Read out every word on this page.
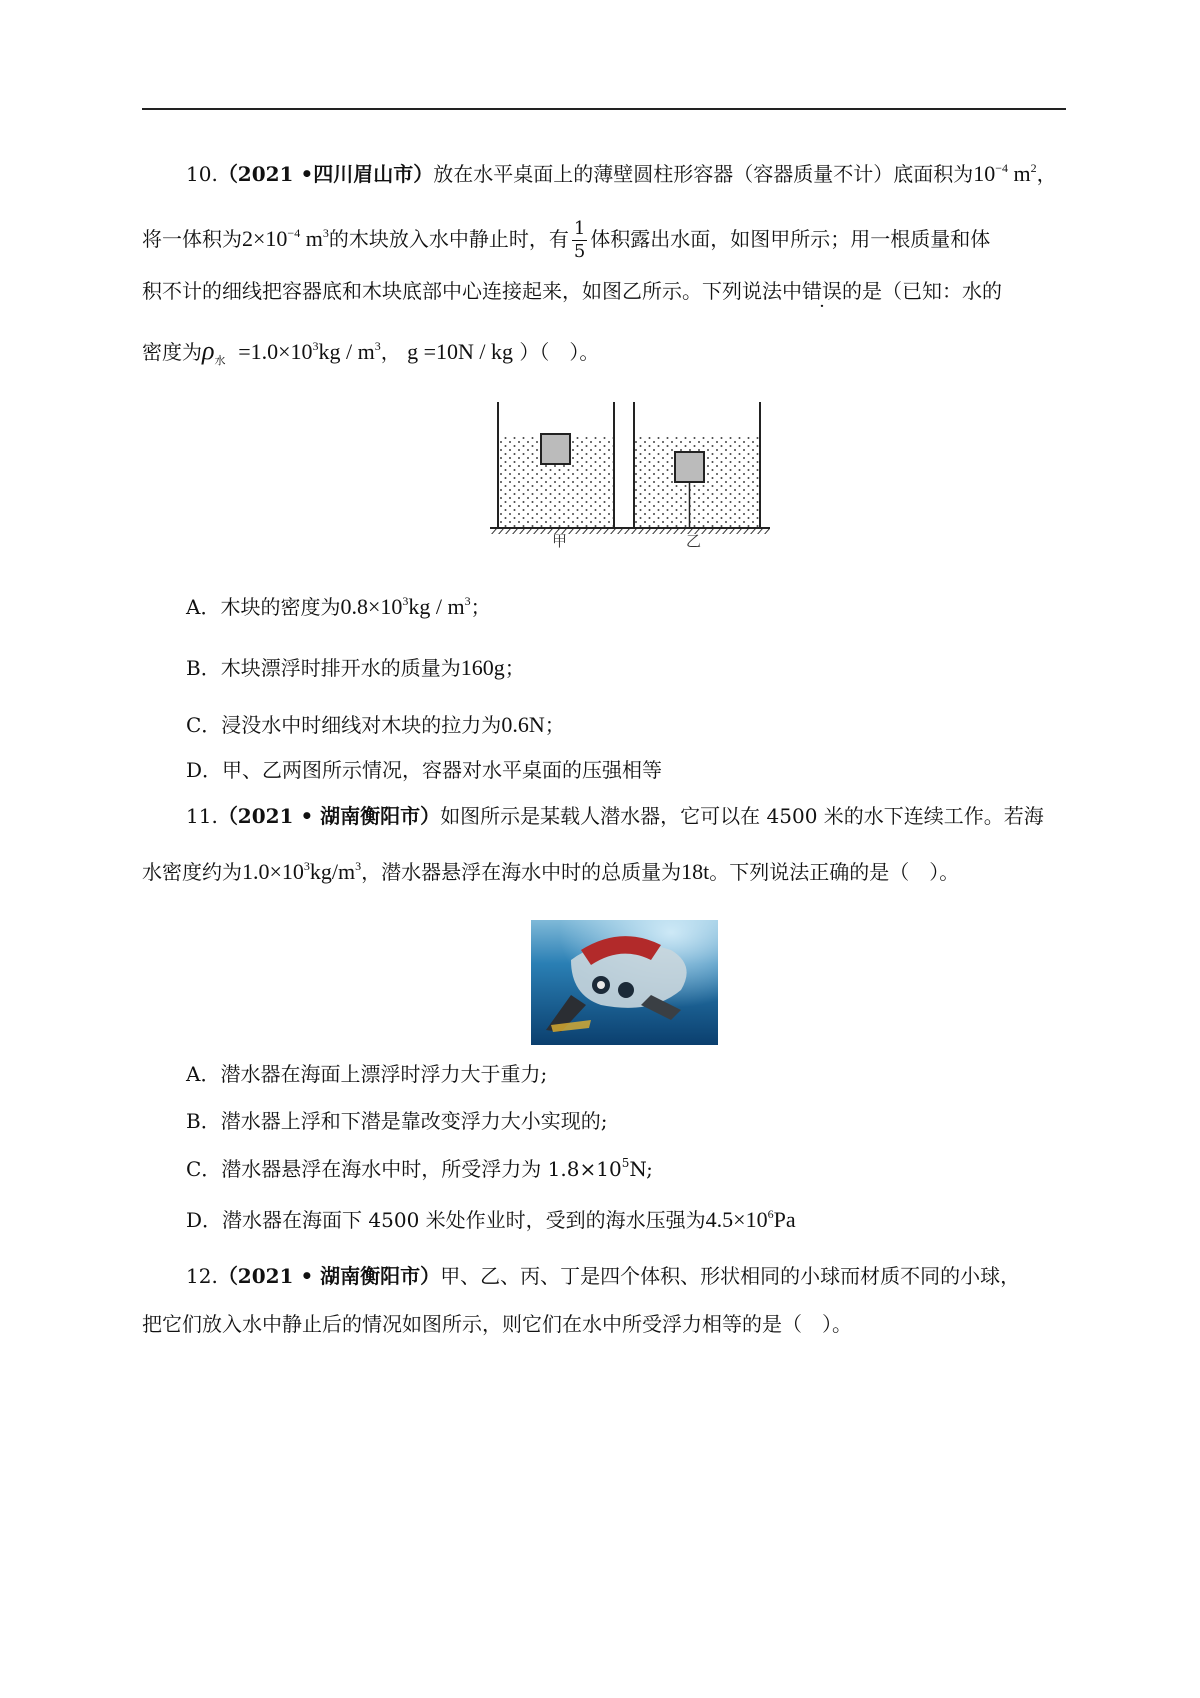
10.（2021 •四川眉山市）放在水平桌面上的薄壁圆柱形容器（容器质量不计）底面积为$10^{-4}$ $m^2$，
将一体积为$2\times 10^{-4}$ $m^3$的木块放入水中静止时，有 $\frac{1}{5}$ 体积露出水面，如图甲所示；用一根质量和体
积不计的细线把容器底和木块底部中心连接起来，如图乙所示。下列说法中错误的是（已知：水的
密度为$\rho_水 =1.0\times 10^3kg / m^3$， g =10N / kg ）（　）。
甲	乙
A．木块的密度为$0.8\times 10^3kg / m^3$；
B．木块漂浮时排开水的质量为160g；
C．浸没水中时细线对木块的拉力为0.6N；
D．甲、乙两图所示情况，容器对水平桌面的压强相等
11.（2021 • 湖南衡阳市）如图所示是某载人潜水器，它可以在 4500 米的水下连续工作。若海
水密度约为$1.0\times 10^3kg/m^3$，潜水器悬浮在海水中时的总质量为18t。下列说法正确的是（　）。
A．潜水器在海面上漂浮时浮力大于重力;
B．潜水器上浮和下潜是靠改变浮力大小实现的;
C．潜水器悬浮在海水中时，所受浮力为 $1.8\times 10^5N$;
D．潜水器在海面下 4500 米处作业时，受到的海水压强为$4.5\times 10^6Pa$
12.（2021 • 湖南衡阳市）甲、乙、丙、丁是四个体积、形状相同的小球而材质不同的小球，
把它们放入水中静止后的情况如图所示，则它们在水中所受浮力相等的是（　）。
